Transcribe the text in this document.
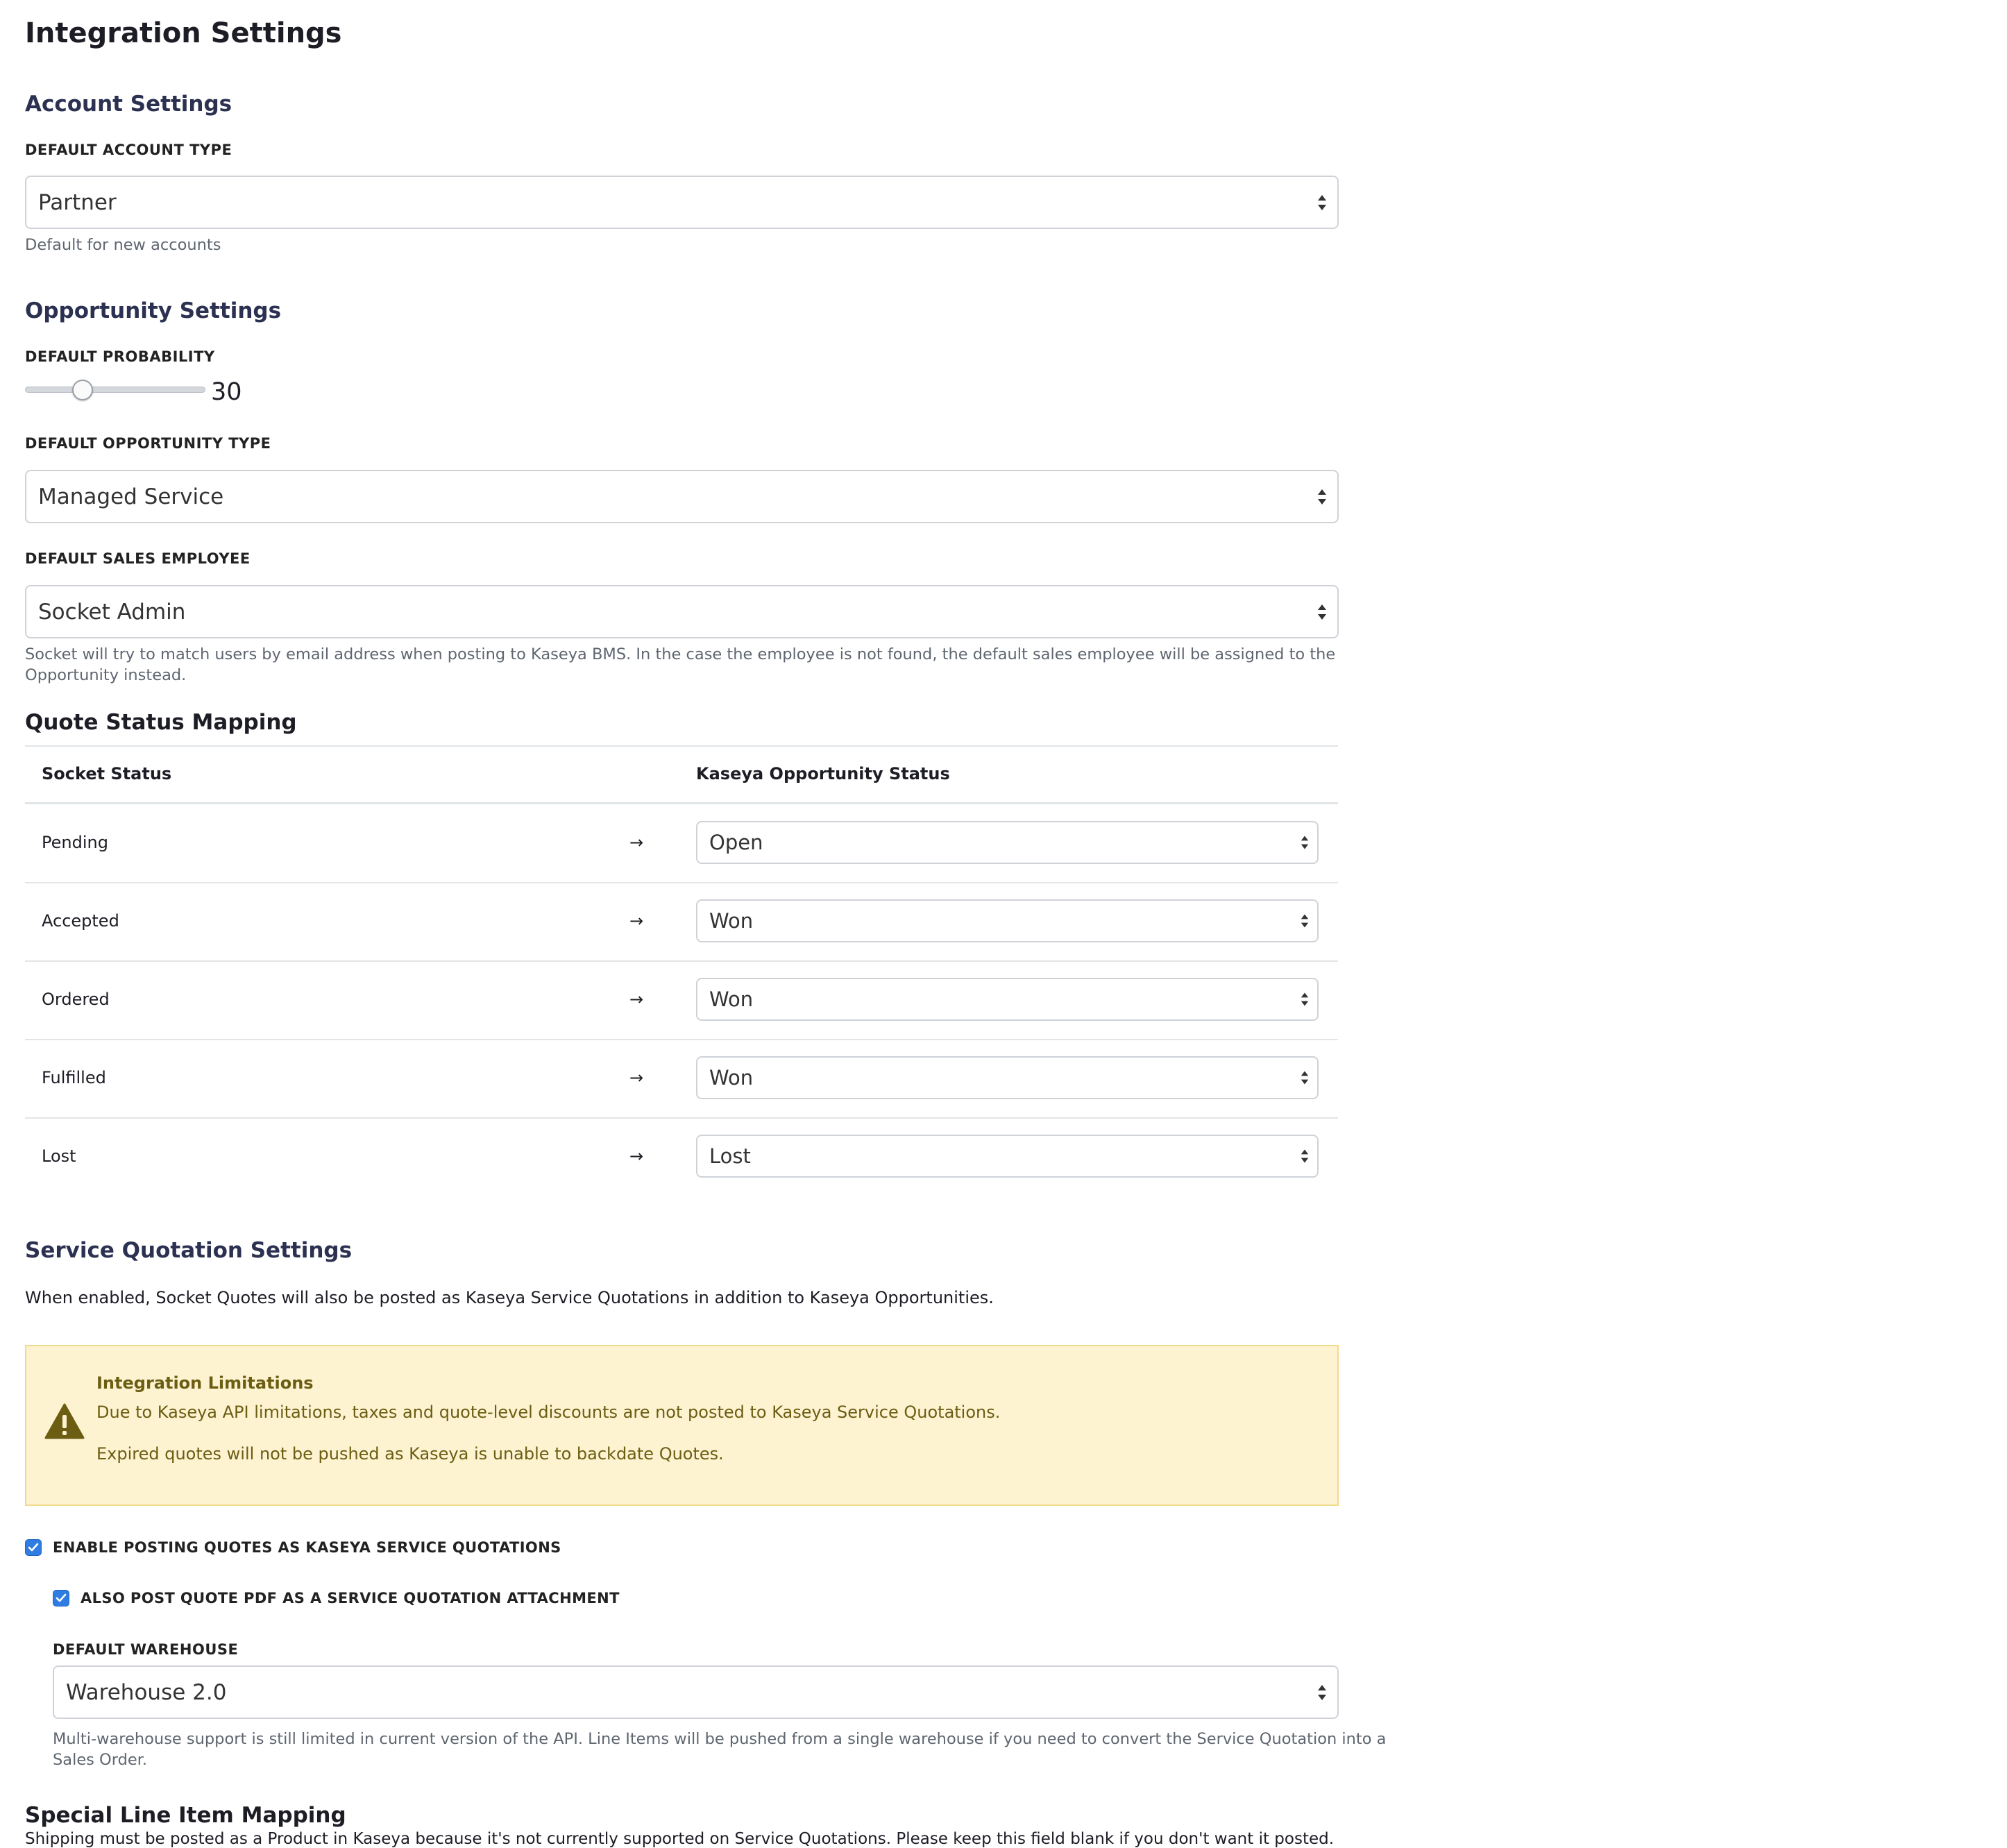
Integration Settings
Account Settings
DEFAULT ACCOUNT TYPE
Partner
Default for new accounts
Opportunity Settings
DEFAULT PROBABILITY
30
DEFAULT OPPORTUNITY TYPE
Managed Service
DEFAULT SALES EMPLOYEE
Socket Admin
Socket will try to match users by email address when posting to Kaseya BMS. In the case the employee is not found, the default sales employee will be assigned to the
Opportunity instead.
Quote Status Mapping
Socket Status	Kaseya Opportunity Status
Pending	→	Open
Accepted	→	Won
Ordered	→	Won
Fulfilled	→	Won
Lost	→	Lost
Service Quotation Settings
When enabled, Socket Quotes will also be posted as Kaseya Service Quotations in addition to Kaseya Opportunities.
Integration Limitations
Due to Kaseya API limitations, taxes and quote-level discounts are not posted to Kaseya Service Quotations.
Expired quotes will not be pushed as Kaseya is unable to backdate Quotes.
ENABLE POSTING QUOTES AS KASEYA SERVICE QUOTATIONS
ALSO POST QUOTE PDF AS A SERVICE QUOTATION ATTACHMENT
DEFAULT WAREHOUSE
Warehouse 2.0
Multi-warehouse support is still limited in current version of the API. Line Items will be pushed from a single warehouse if you need to convert the Service Quotation into a
Sales Order.
Special Line Item Mapping
Shipping must be posted as a Product in Kaseya because it's not currently supported on Service Quotations. Please keep this field blank if you don't want it posted.
